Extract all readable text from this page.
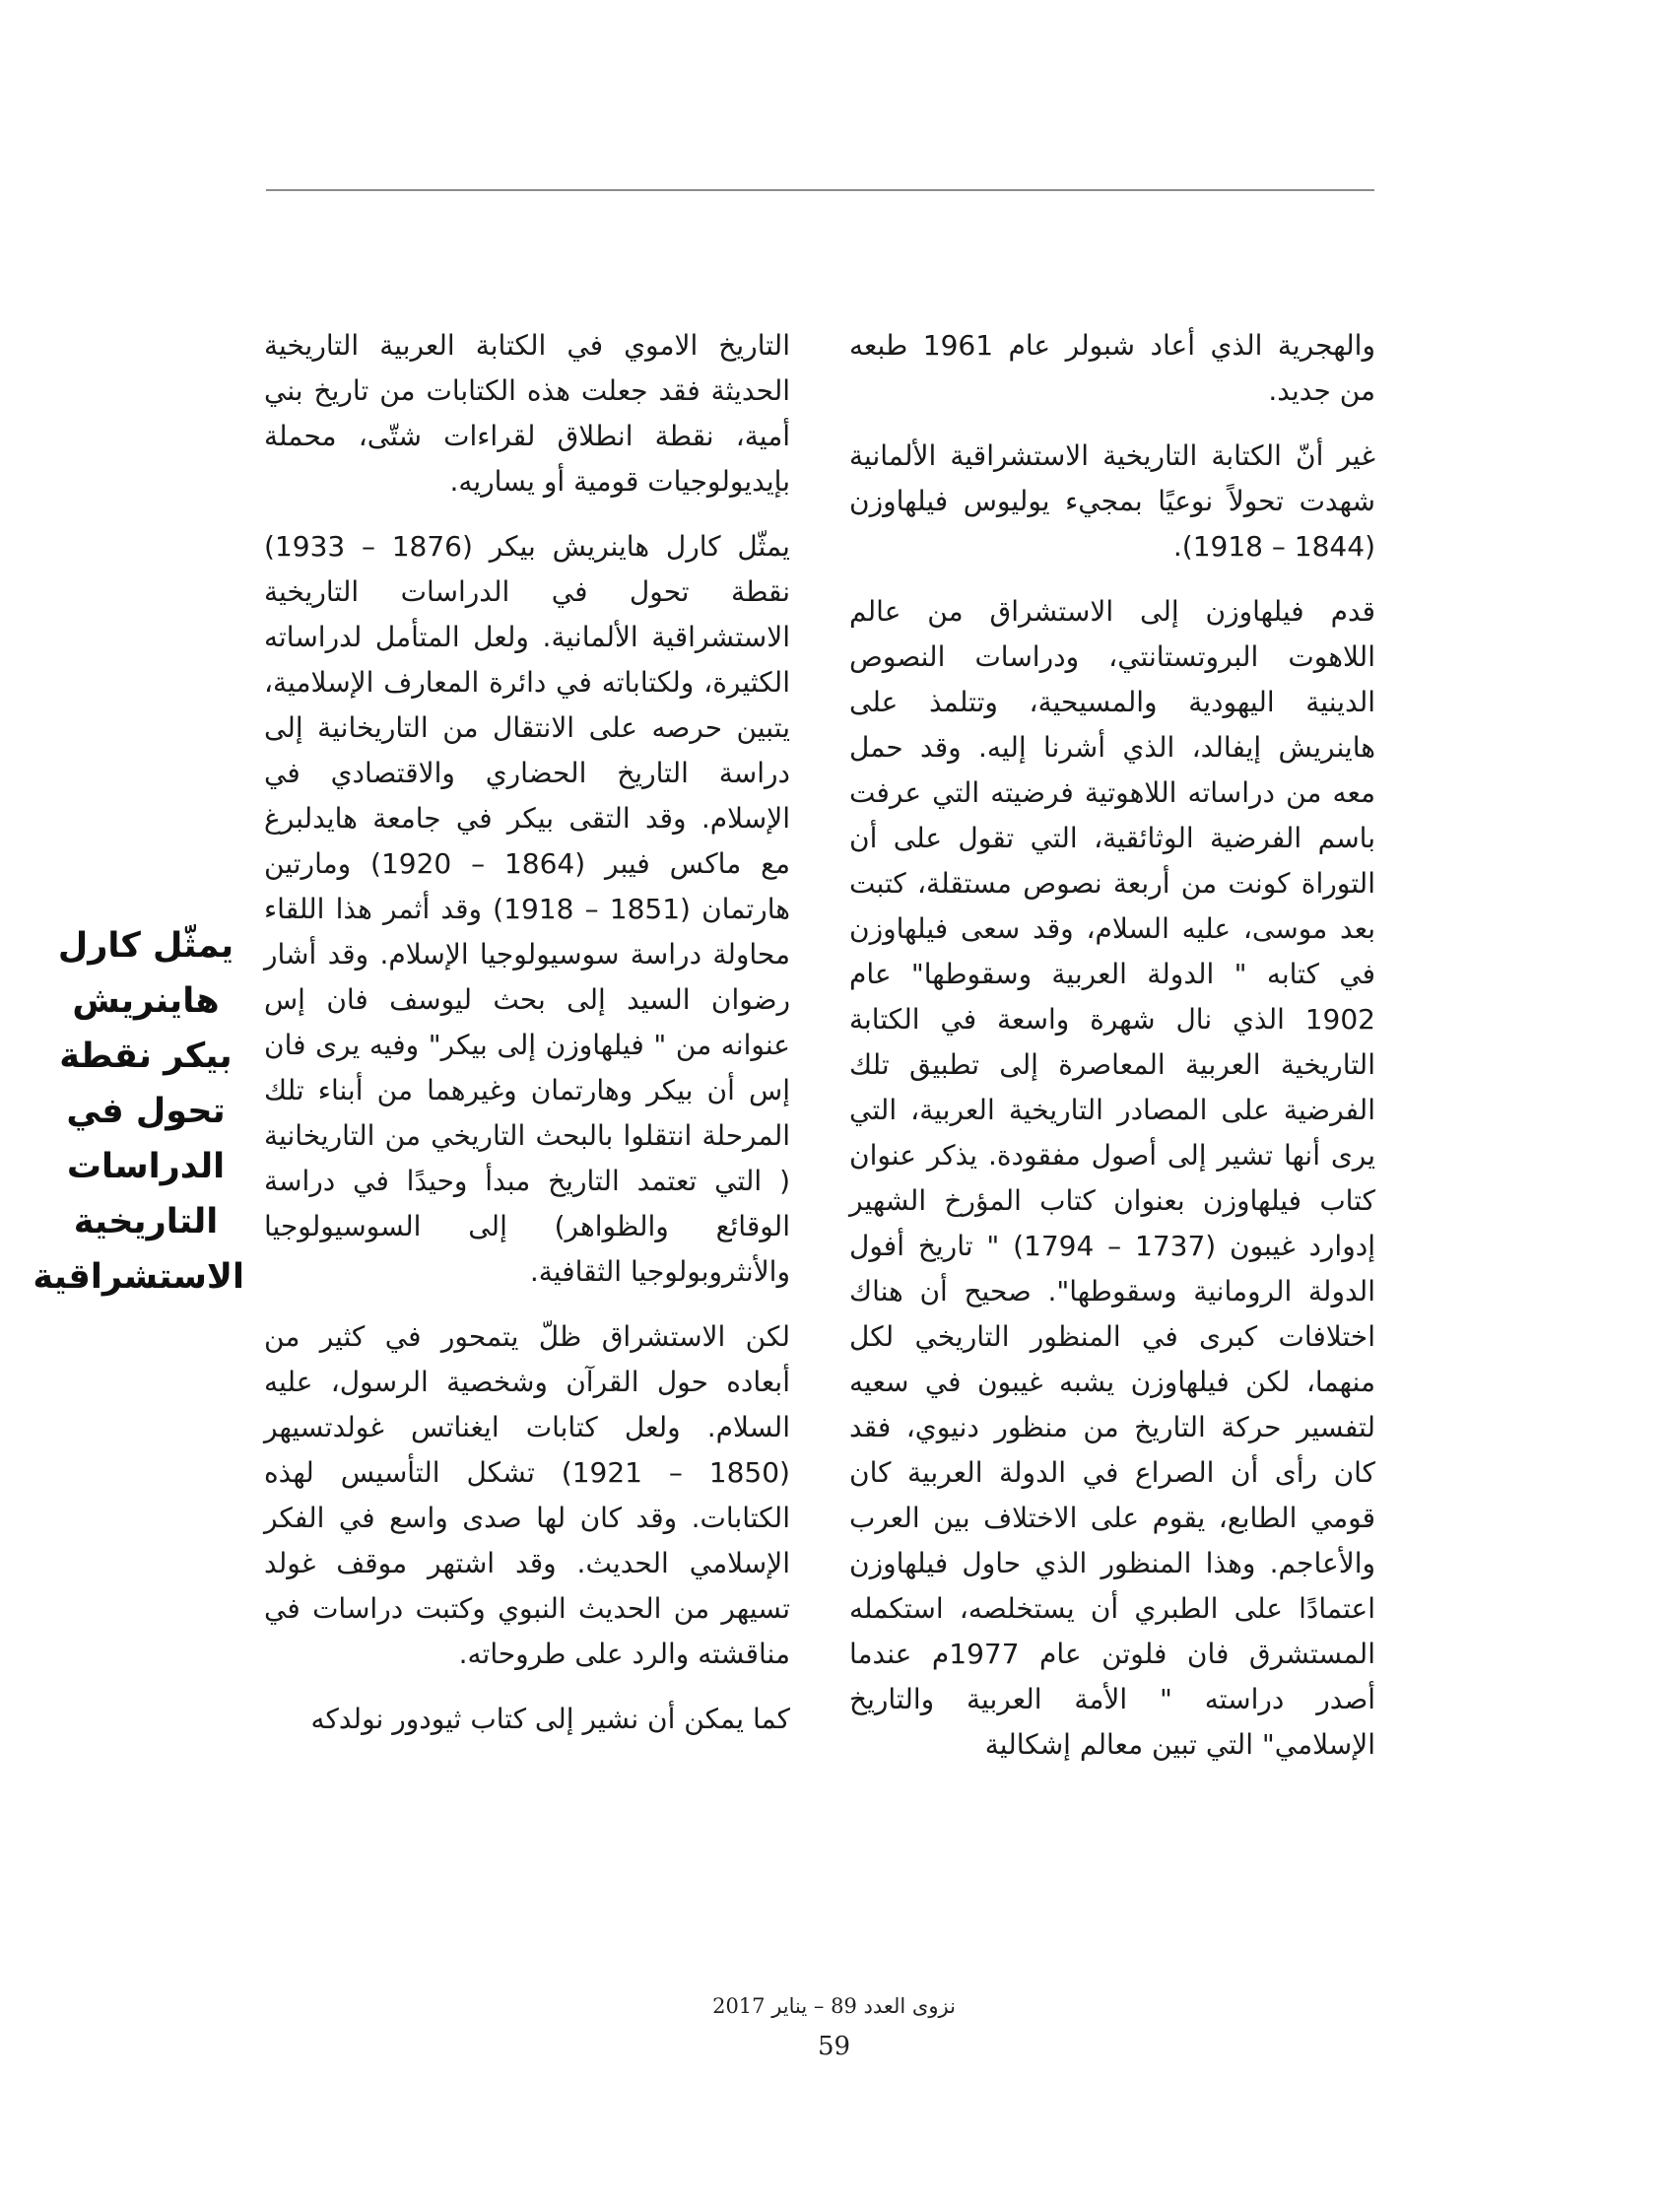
والهجرية الذي أعاد شبولر عام 1961 طبعه من جديد.

غير أنّ الكتابة التاريخية الاستشراقية الألمانية شهدت تحولاً نوعيًا بمجيء يوليوس فيلهاوزن (1844 – 1918).

قدم فيلهاوزن إلى الاستشراق من عالم اللاهوت البروتستانتي، ودراسات النصوص الدينية اليهودية والمسيحية، وتتلمذ على هاينريش إيفالد، الذي أشرنا إليه. وقد حمل معه من دراساته اللاهوتية فرضيته التي عرفت باسم الفرضية الوثائقية، التي تقول على أن التوراة كونت من أربعة نصوص مستقلة، كتبت بعد موسى، عليه السلام، وقد سعى فيلهاوزن في كتابه " الدولة العربية وسقوطها" عام 1902 الذي نال شهرة واسعة في الكتابة التاريخية العربية المعاصرة إلى تطبيق تلك الفرضية على المصادر التاريخية العربية، التي يرى أنها تشير إلى أصول مفقودة. يذكر عنوان كتاب فيلهاوزن بعنوان كتاب المؤرخ الشهير إدوارد غيبون (1737 – 1794) " تاريخ أفول الدولة الرومانية وسقوطها". صحيح أن هناك اختلافات كبرى في المنظور التاريخي لكل منهما، لكن فيلهاوزن يشبه غيبون في سعيه لتفسير حركة التاريخ من منظور دنيوي، فقد كان رأى أن الصراع في الدولة العربية كان قومي الطابع، يقوم على الاختلاف بين العرب والأعاجم. وهذا المنظور الذي حاول فيلهاوزن اعتمادًا على الطبري أن يستخلصه، استكمله المستشرق فان فلوتن عام 1977م عندما أصدر دراسته " الأمة العربية والتاريخ الإسلامي" التي تبين معالم إشكالية

التاريخ الاموي في الكتابة العربية التاريخية الحديثة فقد جعلت هذه الكتابات من تاريخ بني أمية، نقطة انطلاق لقراءات شتّى، محملة بإيديولوجيات قومية أو يساريه.

يمثّل كارل هاينريش بيكر (1876 – 1933) نقطة تحول في الدراسات التاريخية الاستشراقية الألمانية. ولعل المتأمل لدراساته الكثيرة، ولكتاباته في دائرة المعارف الإسلامية، يتبين حرصه على الانتقال من التاريخانية إلى دراسة التاريخ الحضاري والاقتصادي في الإسلام. وقد التقى بيكر في جامعة هايدلبرغ مع ماكس فيبر (1864 – 1920) ومارتين هارتمان (1851 – 1918) وقد أثمر هذا اللقاء محاولة دراسة سوسيولوجيا الإسلام. وقد أشار رضوان السيد إلى بحث ليوسف فان إس عنوانه من " فيلهاوزن إلى بيكر" وفيه يرى فان إس أن بيكر وهارتمان وغيرهما من أبناء تلك المرحلة انتقلوا بالبحث التاريخي من التاريخانية ( التي تعتمد التاريخ مبدأ وحيدًا في دراسة الوقائع والظواهر) إلى السوسيولوجيا والأنثروبولوجيا الثقافية.

لكن الاستشراق ظلّ يتمحور في كثير من أبعاده حول القرآن وشخصية الرسول، عليه السلام. ولعل كتابات ايغناتس غولدتسيهر (1850 – 1921) تشكل التأسيس لهذه الكتابات. وقد كان لها صدى واسع في الفكر الإسلامي الحديث. وقد اشتهر موقف غولد تسيهر من الحديث النبوي وكتبت دراسات في مناقشته والرد على طروحاته.

كما يمكن أن نشير إلى كتاب ثيودور نولدكه

يمثّل كارل هاينريش بيكر نقطة تحول في الدراسات التاريخية الاستشراقية
نزوى العدد 89 – يناير 2017
59
